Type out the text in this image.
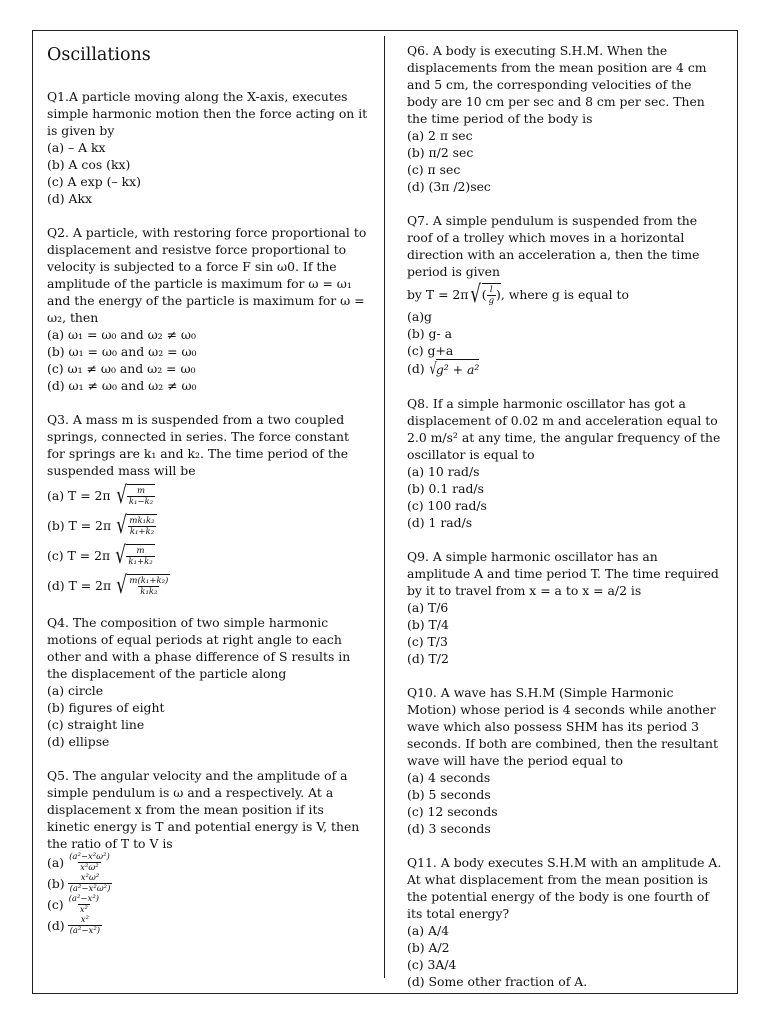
Oscillations
Q1.A particle moving along the X-axis, executes simple harmonic motion then the force acting on it is given by
(a) – A kx
(b) A cos (kx)
(c) A exp (– kx)
(d) Akx
Q2. A particle, with restoring force proportional to displacement and resistve force proportional to velocity is subjected to a force F sin ω0. If the amplitude of the particle is maximum for ω = ω₁ and the energy of the particle is maximum for ω = ω₂, then
(a) ω₁ = ω₀ and ω₂ ≠ ω₀
(b) ω₁ = ω₀ and ω₂ = ω₀
(c) ω₁ ≠ ω₀ and ω₂ = ω₀
(d) ω₁ ≠ ω₀ and ω₂ ≠ ω₀
Q3. A mass m is suspended from a two coupled springs, connected in series. The force constant for springs are k₁ and k₂. The time period of the suspended mass will be
(a) T = 2π √ $\frac{m}{\text{k₁−k₂}}$
(b) T = 2π √ $\frac{\text{mk₁k₂}}{\text{k₁+k₂}}$
(c) T = 2π √ $\frac{m}{\text{k₁+k₂}}$
(d) T = 2π √ $\frac{\text{m(k₁+k₂)}}{\text{k₁k₂}}$
Q4. The composition of two simple harmonic motions of equal periods at right angle to each other and with a phase difference of S results in the displacement of the particle along
(a) circle
(b) figures of eight
(c) straight line
(d) ellipse
Q5. The angular velocity and the amplitude of a simple pendulum is ω and a respectively. At a displacement x from the mean position if its kinetic energy is T and potential energy is V, then the ratio of T to V is
$(a) \frac{\text{(a²−x²ω²)}}{\text{x²ω²}}$
$(b) \frac{\text{x²ω²}}{\text{(a²−x²ω²)}}$
$(c) \frac{\text{(a²−x²)}}{\text{x²}}$
$(d) \frac{\text{x²}}{\text{(a²−x²)}}$
Q6. A body is executing S.H.M. When the displacements from the mean position are 4 cm and 5 cm, the corresponding velocities of the body are 10 cm per sec and 8 cm per sec. Then the time period of the body is
(a) 2 π sec
(b) π/2 sec
(c) π sec
(d) (3π /2)sec
Q7. A simple pendulum is suspended from the roof of a trolley which moves in a horizontal direction with an acceleration a, then the time period is given
by T = 2π √ ( $\frac{l}{g}$ ) , where g is equal to
(a)g
(b) g- a
(c) g+a
(d) √ g² + a²
Q8. If a simple harmonic oscillator has got a displacement of 0.02 m and acceleration equal to 2.0 m/s² at any time, the angular frequency of the oscillator is equal to
(a) 10 rad/s
(b) 0.1 rad/s
(c) 100 rad/s
(d) 1 rad/s
Q9. A simple harmonic oscillator has an amplitude A and time period T. The time required by it to travel from x = a to x = a/2 is
(a) T/6
(b) T/4
(c) T/3
(d) T/2
Q10. A wave has S.H.M (Simple Harmonic Motion) whose period is 4 seconds while another wave which also possess SHM has its period 3 seconds. If both are combined, then the resultant wave will have the period equal to
(a) 4 seconds
(b) 5 seconds
(c) 12 seconds
(d) 3 seconds
Q11. A body executes S.H.M with an amplitude A. At what displacement from the mean position is the potential energy of the body is one fourth of its total energy?
(a) A/4
(b) A/2
(c) 3A/4
(d) Some other fraction of A.
